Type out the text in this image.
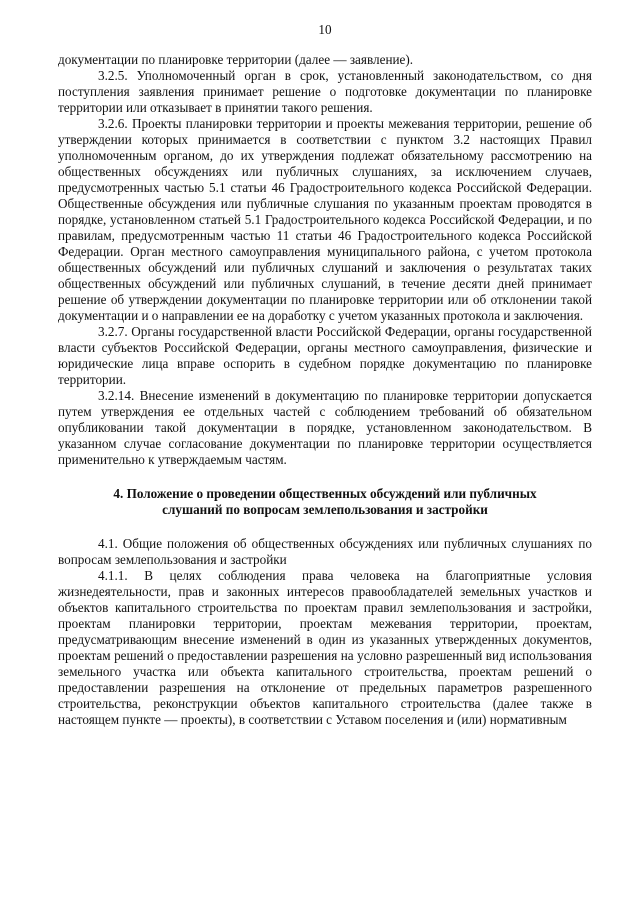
10

документации по планировке территории (далее — заявление).

3.2.5. Уполномоченный орган в срок, установленный законодательством, со дня поступления заявления принимает решение о подготовке документации по планировке территории или отказывает в принятии такого решения.

3.2.6. Проекты планировки территории и проекты межевания территории, решение об утверждении которых принимается в соответствии с пунктом 3.2 настоящих Правил уполномоченным органом, до их утверждения подлежат обязательному рассмотрению на общественных обсуждениях или публичных слушаниях, за исключением случаев, предусмотренных частью 5.1 статьи 46 Градостроительного кодекса Российской Федерации. Общественные обсуждения или публичные слушания по указанным проектам проводятся в порядке, установленном статьей 5.1 Градостроительного кодекса Российской Федерации, и по правилам, предусмотренным частью 11 статьи 46 Градостроительного кодекса Российской Федерации. Орган местного самоуправления муниципального района, с учетом протокола общественных обсуждений или публичных слушаний и заключения о результатах таких общественных обсуждений или публичных слушаний, в течение десяти дней принимает решение об утверждении документации по планировке территории или об отклонении такой документации и о направлении ее на доработку с учетом указанных протокола и заключения.

3.2.7. Органы государственной власти Российской Федерации, органы государственной власти субъектов Российской Федерации, органы местного самоуправления, физические и юридические лица вправе оспорить в судебном порядке документацию по планировке территории.

3.2.14. Внесение изменений в документацию по планировке территории допускается путем утверждения ее отдельных частей с соблюдением требований об обязательном опубликовании такой документации в порядке, установленном законодательством. В указанном случае согласование документации по планировке территории осуществляется применительно к утверждаемым частям.

4. Положение о проведении общественных обсуждений или публичных слушаний по вопросам землепользования и застройки

4.1. Общие положения об общественных обсуждениях или публичных слушаниях по вопросам землепользования и застройки

4.1.1. В целях соблюдения права человека на благоприятные условия жизнедеятельности, прав и законных интересов правообладателей земельных участков и объектов капитального строительства по проектам правил землепользования и застройки, проектам планировки территории, проектам межевания территории, проектам, предусматривающим внесение изменений в один из указанных утвержденных документов, проектам решений о предоставлении разрешения на условно разрешенный вид использования земельного участка или объекта капитального строительства, проектам решений о предоставлении разрешения на отклонение от предельных параметров разрешенного строительства, реконструкции объектов капитального строительства (далее также в настоящем пункте — проекты), в соответствии с Уставом поселения и (или) нормативным
